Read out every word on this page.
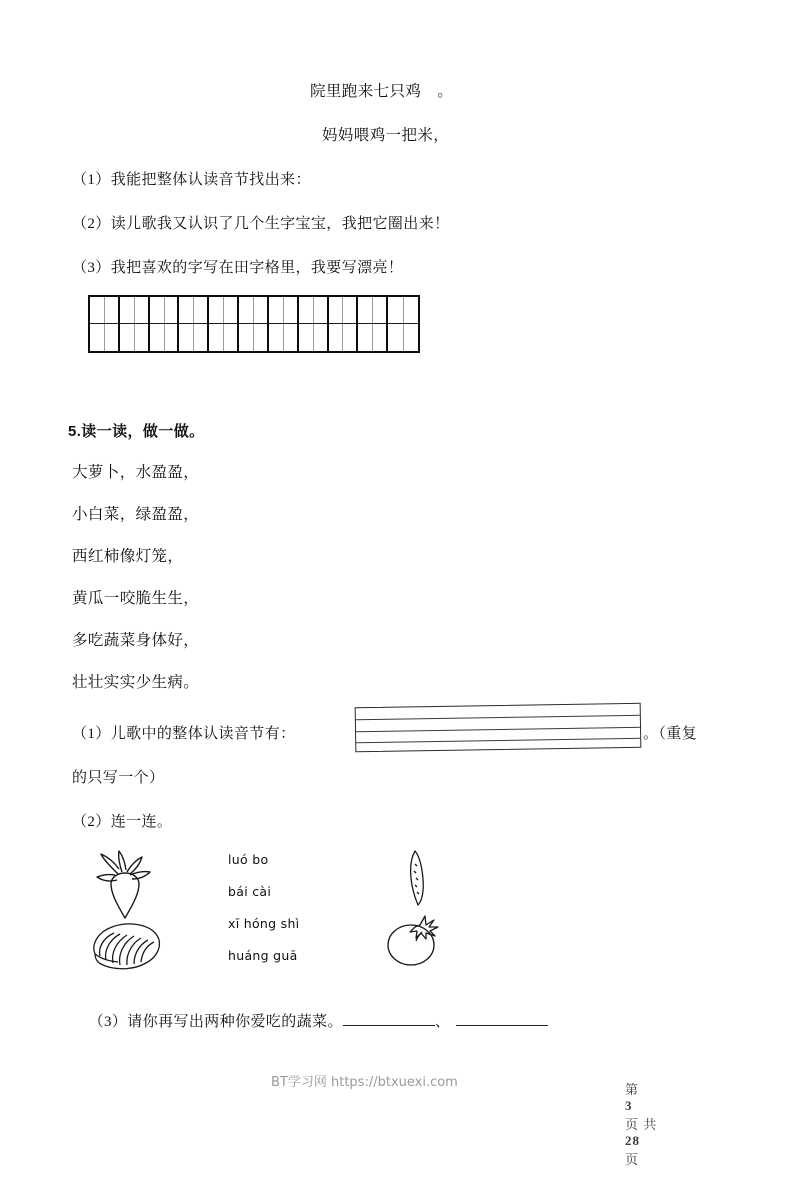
院里跑来七只鸡　。
妈妈喂鸡一把米，
（1）我能把整体认读音节找出来：
（2）读儿歌我又认识了几个生字宝宝，我把它圈出来！
（3）我把喜欢的字写在田字格里，我要写漂亮！
5.读一读，做一做。
大萝卜，水盈盈，
小白菜，绿盈盈，
西红柿像灯笼，
黄瓜一咬脆生生，
多吃蔬菜身体好，
壮壮实实少生病。
（1）儿歌中的整体认读音节有：	。（重复
的只写一个）
（2）连一连。
luó bo
bái cài
xī hóng shì
huáng guā

（3）请你再写出两种你爱吃的蔬菜。	、

BT学习网 https://btxuexi.com	第
3
页 共
28
页
